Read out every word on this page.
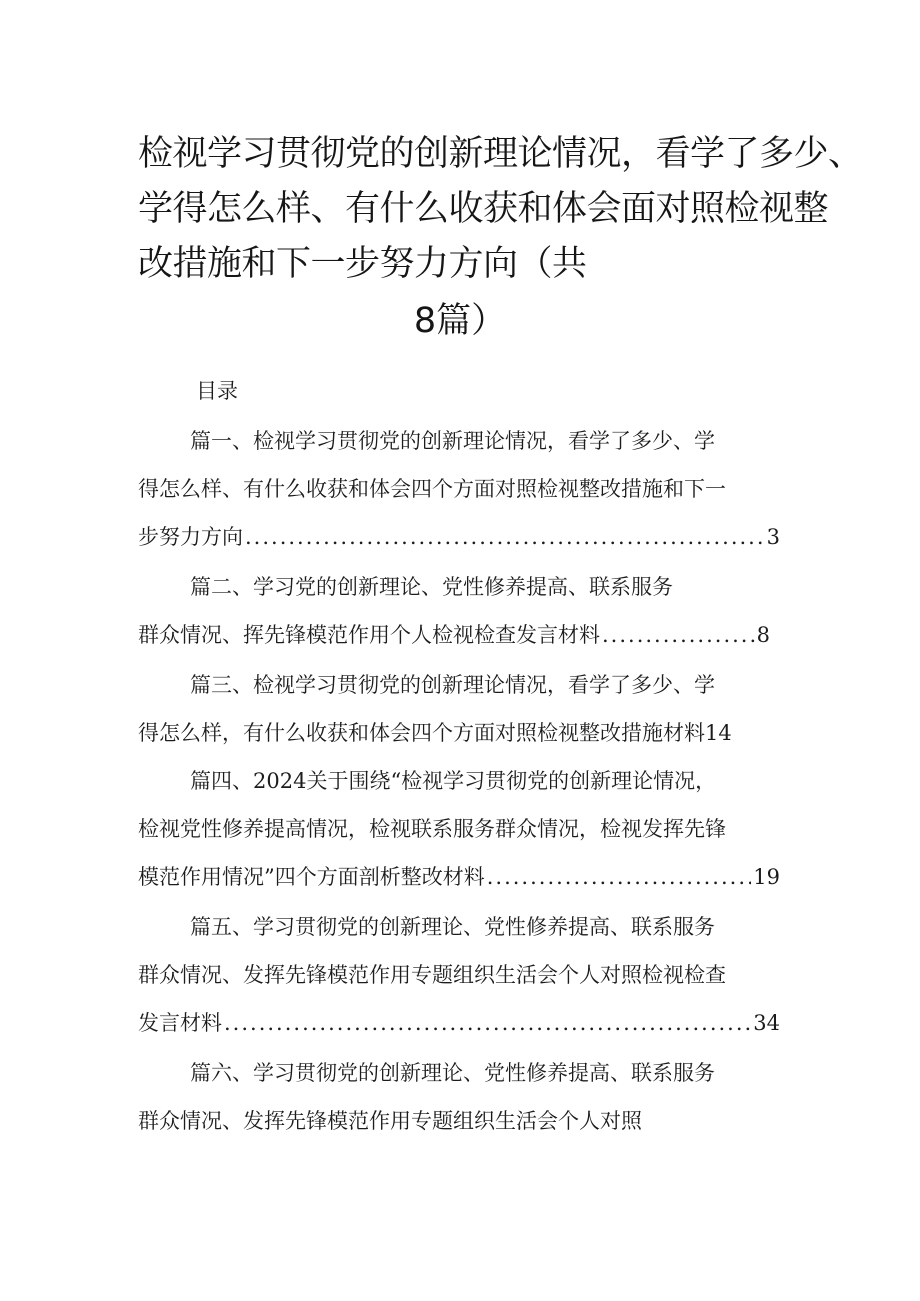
检视学习贯彻党的创新理论情况，看学了多少、
学得怎么样、有什么收获和体会面对照检视整
改措施和下一步努力方向（共
8篇）
目录
篇一、检视学习贯彻党的创新理论情况，看学了多少、学
得怎么样、有什么收获和体会四个方面对照检视整改措施和下一
步努力方向 .....	3
篇二、学习党的创新理论、党性修养提高、联系服务
群众情况、挥先锋模范作用个人检视检查发言材料 .....	8
篇三、检视学习贯彻党的创新理论情况，看学了多少、学
得怎么样，有什么收获和体会四个方面对照检视整改措施材料 14
篇四、2024关于围绕“检视学习贯彻党的创新理论情况，
检视党性修养提高情况，检视联系服务群众情况，检视发挥先锋
模范作用情况”四个方面剖析整改材料 .....	19
篇五、学习贯彻党的创新理论、党性修养提高、联系服务
群众情况、发挥先锋模范作用专题组织生活会个人对照检视检查
发言材料 .....	34
篇六、学习贯彻党的创新理论、党性修养提高、联系服务
群众情况、发挥先锋模范作用专题组织生活会个人对照
